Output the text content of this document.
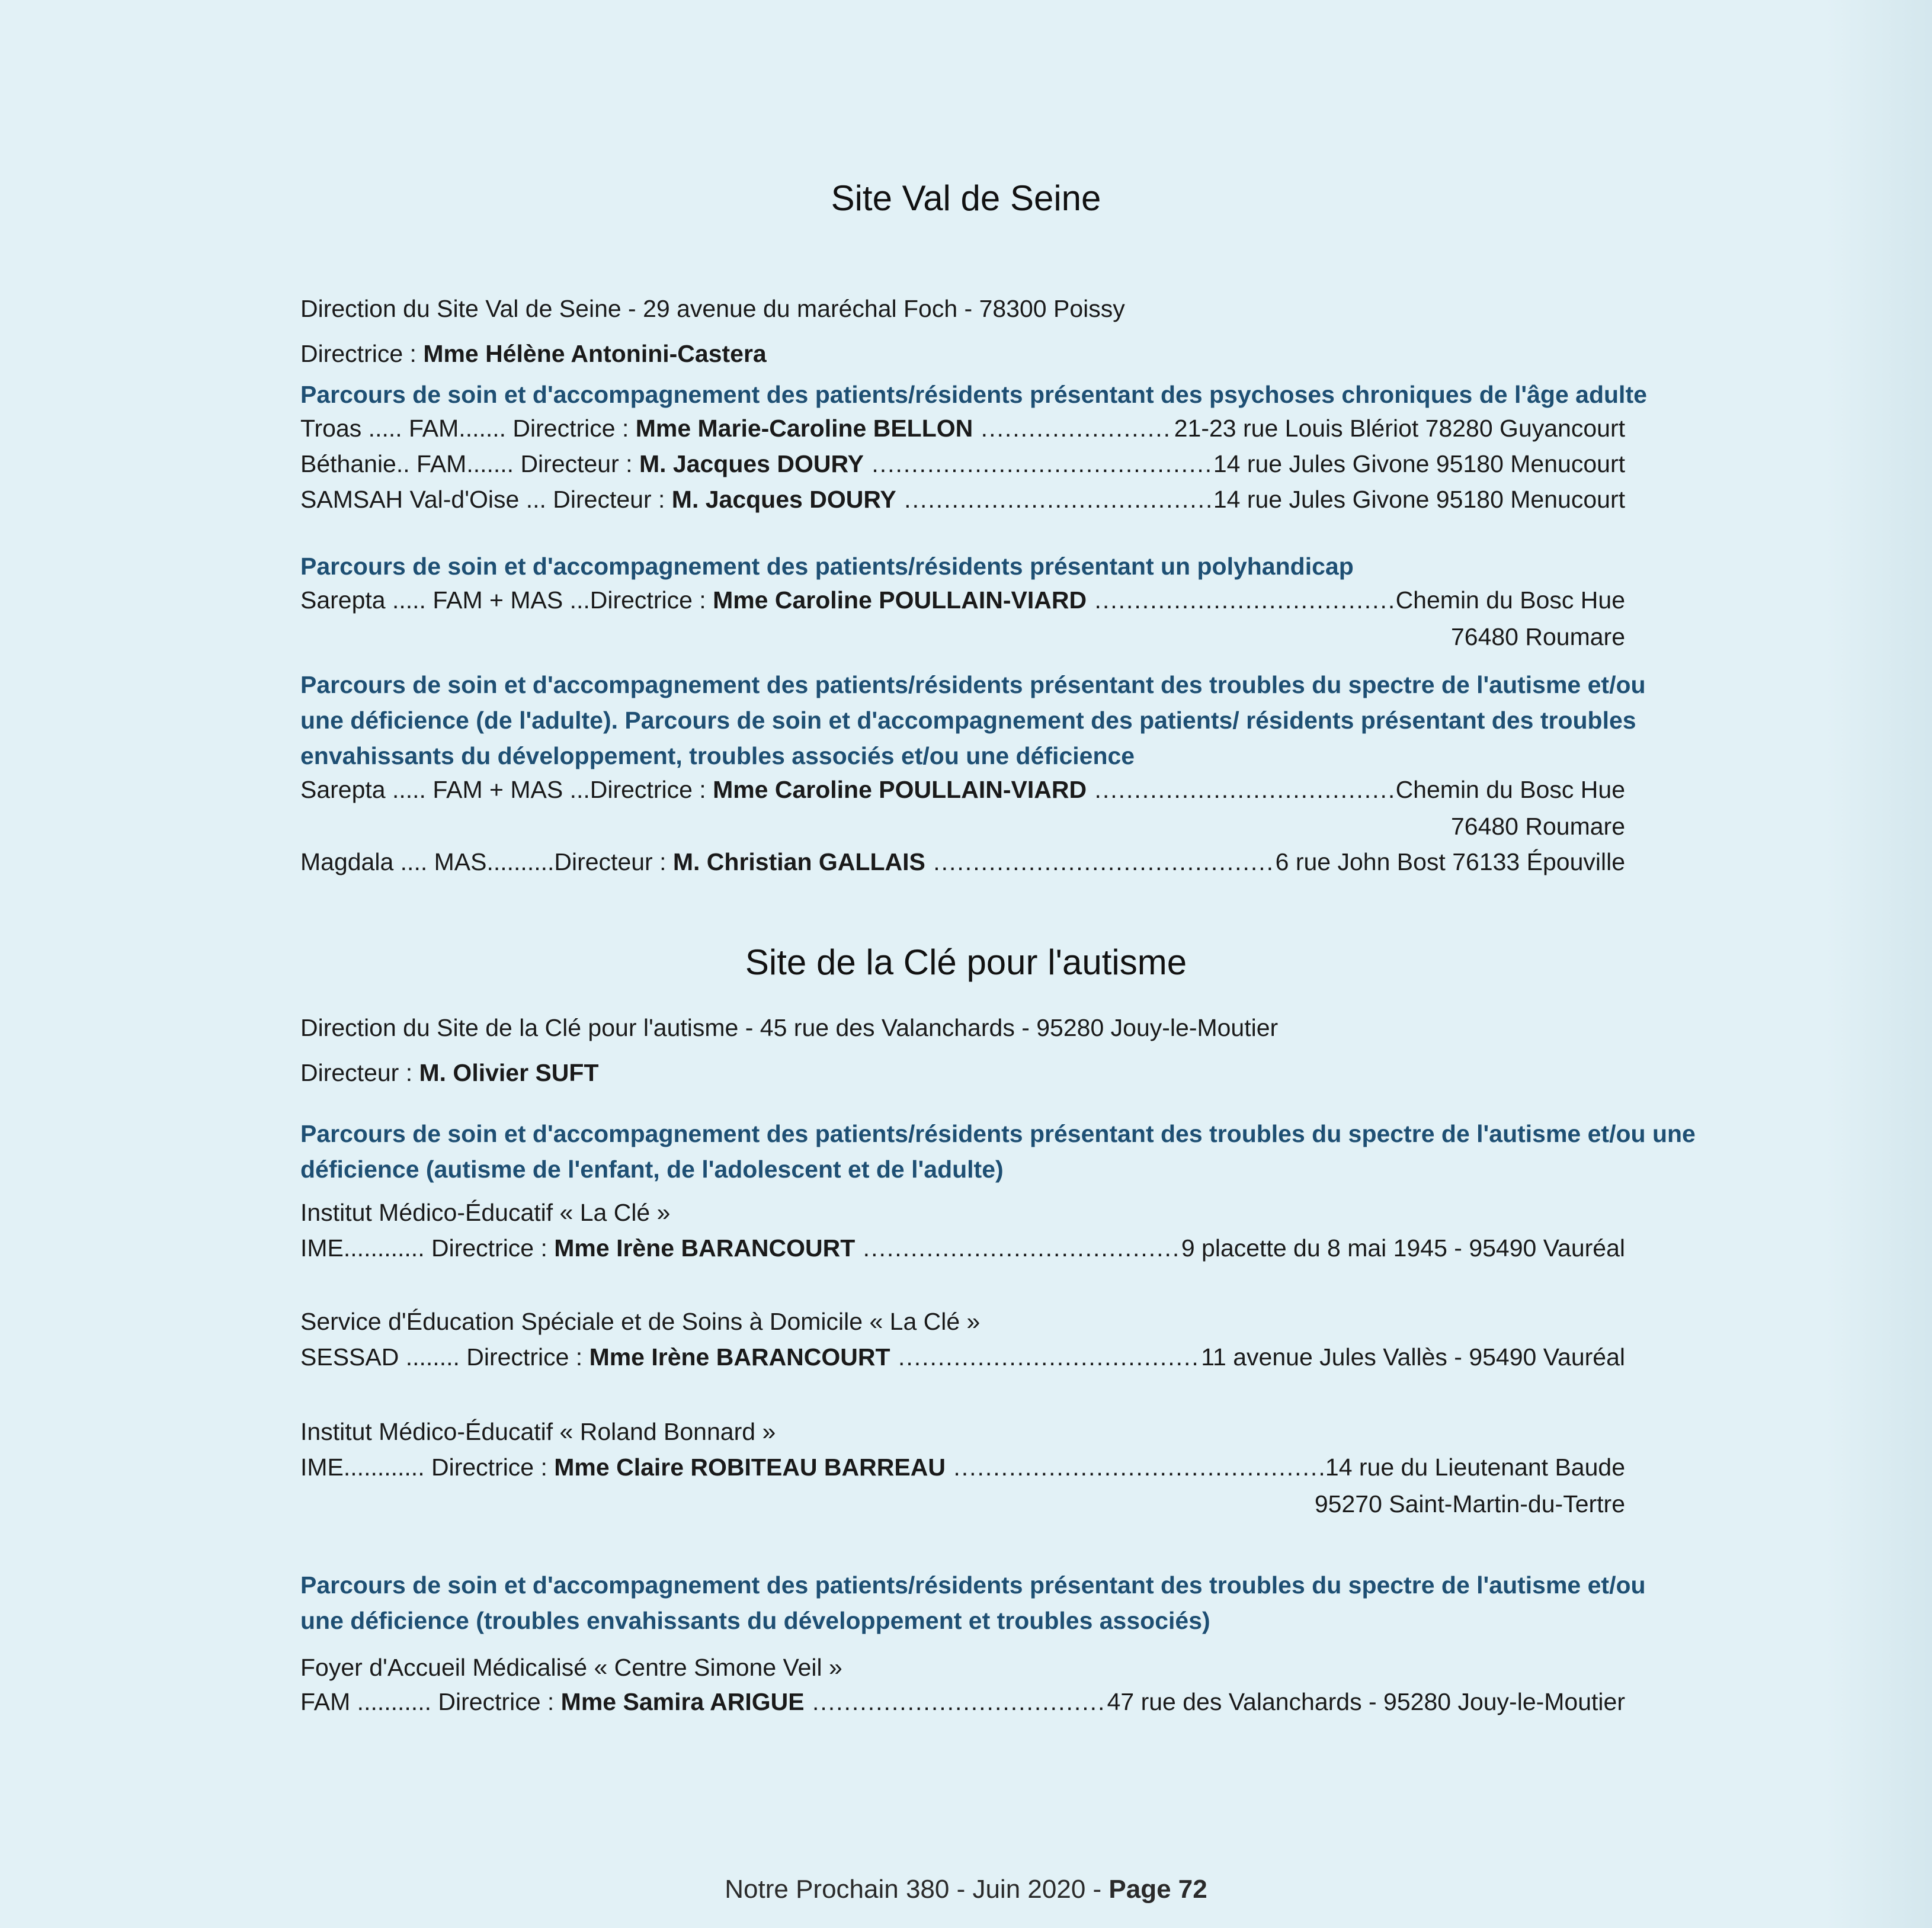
Site Val de Seine
Direction du Site Val de Seine - 29 avenue du maréchal Foch - 78300 Poissy
Directrice : Mme Hélène Antonini-Castera
Parcours de soin et d'accompagnement des patients/résidents présentant des psychoses chroniques de l'âge adulte
Troas ..... FAM....... Directrice : Mme Marie-Caroline BELLON .....	21-23 rue Louis Blériot 78280 Guyancourt
Béthanie.. FAM....... Directeur : M. Jacques DOURY .....	14 rue Jules Givone 95180 Menucourt
SAMSAH Val-d'Oise ... Directeur : M. Jacques DOURY .....	14 rue Jules Givone 95180 Menucourt
Parcours de soin et d'accompagnement des patients/résidents présentant un polyhandicap
Sarepta ..... FAM + MAS ...Directrice : Mme Caroline POULLAIN-VIARD .....	Chemin du Bosc Hue
76480 Roumare
Parcours de soin et d'accompagnement des patients/résidents présentant des troubles du spectre de l'autisme et/ou
une déficience (de l'adulte). Parcours de soin et d'accompagnement des patients/ résidents présentant des troubles
envahissants du développement, troubles associés et/ou une déficience
Sarepta ..... FAM + MAS ...Directrice : Mme Caroline POULLAIN-VIARD .....	Chemin du Bosc Hue
76480 Roumare
Magdala .... MAS..........Directeur : M. Christian GALLAIS .....	6 rue John Bost 76133 Épouville
Site de la Clé pour l'autisme
Direction du Site de la Clé pour l'autisme - 45 rue des Valanchards - 95280 Jouy-le-Moutier
Directeur : M. Olivier SUFT
Parcours de soin et d'accompagnement des patients/résidents présentant des troubles du spectre de l'autisme et/ou une
déficience (autisme de l'enfant, de l'adolescent et de l'adulte)
Institut Médico-Éducatif « La Clé »
IME............ Directrice : Mme Irène BARANCOURT .....	9 placette du 8 mai 1945 - 95490 Vauréal
Service d'Éducation Spéciale et de Soins à Domicile « La Clé »
SESSAD ........ Directrice : Mme Irène BARANCOURT .....	11 avenue Jules Vallès - 95490 Vauréal
Institut Médico-Éducatif « Roland Bonnard »
IME............ Directrice : Mme Claire ROBITEAU BARREAU .....	14 rue du Lieutenant Baude
95270 Saint-Martin-du-Tertre
Parcours de soin et d'accompagnement des patients/résidents présentant des troubles du spectre de l'autisme et/ou
une déficience (troubles envahissants du développement et troubles associés)
Foyer d'Accueil Médicalisé « Centre Simone Veil »
FAM ........... Directrice : Mme Samira ARIGUE .....	47 rue des Valanchards - 95280 Jouy-le-Moutier
Notre Prochain 380 - Juin 2020 - Page 72
